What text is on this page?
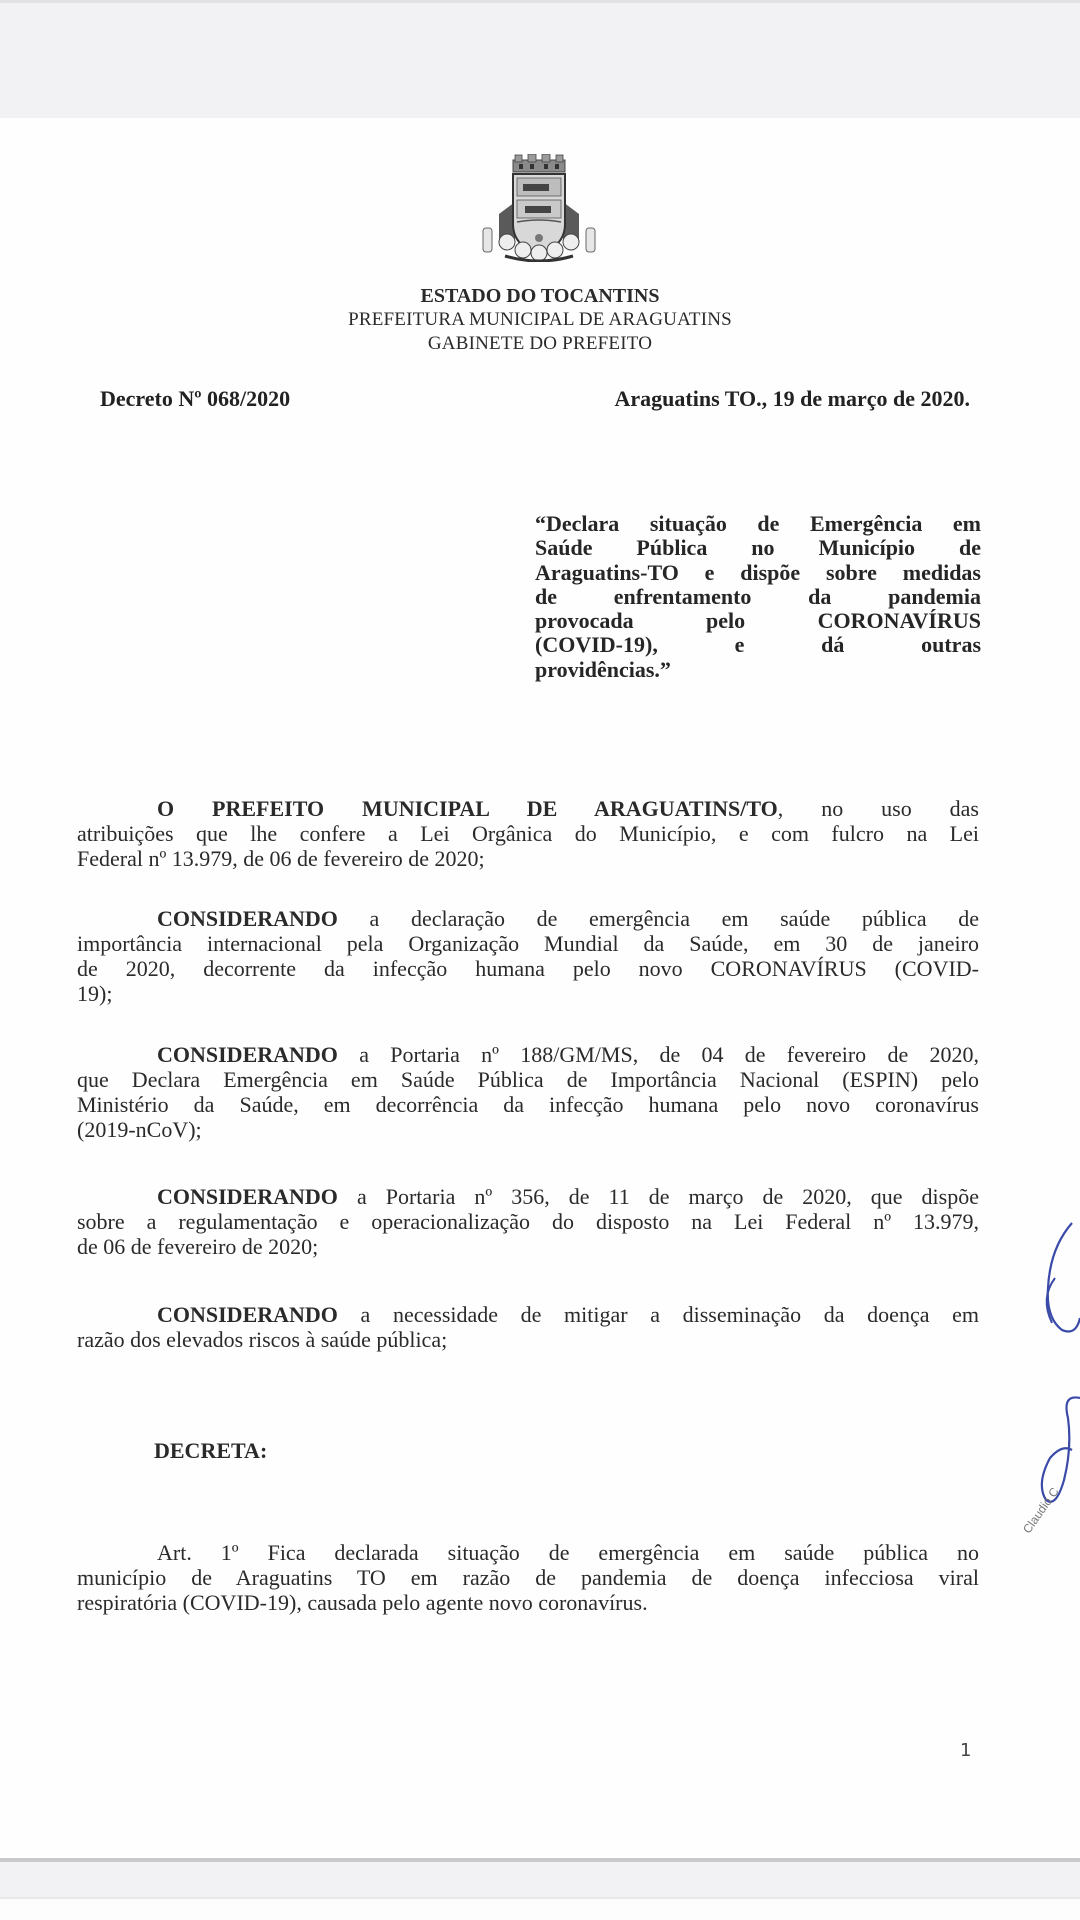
ESTADO DO TOCANTINS
PREFEITURA MUNICIPAL DE ARAGUATINS
GABINETE DO PREFEITO
Decreto Nº 068/2020	Araguatins TO., 19 de março de 2020.
“Declara situação de Emergência em
Saúde Pública no Município de
Araguatins-TO e dispõe sobre medidas
de enfrentamento da pandemia
provocada pelo CORONAVÍRUS
(COVID-19), e dá outras
providências.”
O PREFEITO MUNICIPAL DE ARAGUATINS/TO, no uso das
atribuições que lhe confere a Lei Orgânica do Município, e com fulcro na Lei
Federal nº 13.979, de 06 de fevereiro de 2020;
CONSIDERANDO a declaração de emergência em saúde pública de
importância internacional pela Organização Mundial da Saúde, em 30 de janeiro
de 2020, decorrente da infecção humana pelo novo CORONAVÍRUS (COVID-
19);
CONSIDERANDO a Portaria nº 188/GM/MS, de 04 de fevereiro de 2020,
que Declara Emergência em Saúde Pública de Importância Nacional (ESPIN) pelo
Ministério da Saúde, em decorrência da infecção humana pelo novo coronavírus
(2019-nCoV);
CONSIDERANDO a Portaria nº 356, de 11 de março de 2020, que dispõe
sobre a regulamentação e operacionalização do disposto na Lei Federal nº 13.979,
de 06 de fevereiro de 2020;
CONSIDERANDO a necessidade de mitigar a disseminação da doença em
razão dos elevados riscos à saúde pública;
DECRETA:
Art. 1º Fica declarada situação de emergência em saúde pública no
município de Araguatins TO em razão de pandemia de doença infecciosa viral
respiratória (COVID-19), causada pelo agente novo coronavírus.
1
Claudio C
